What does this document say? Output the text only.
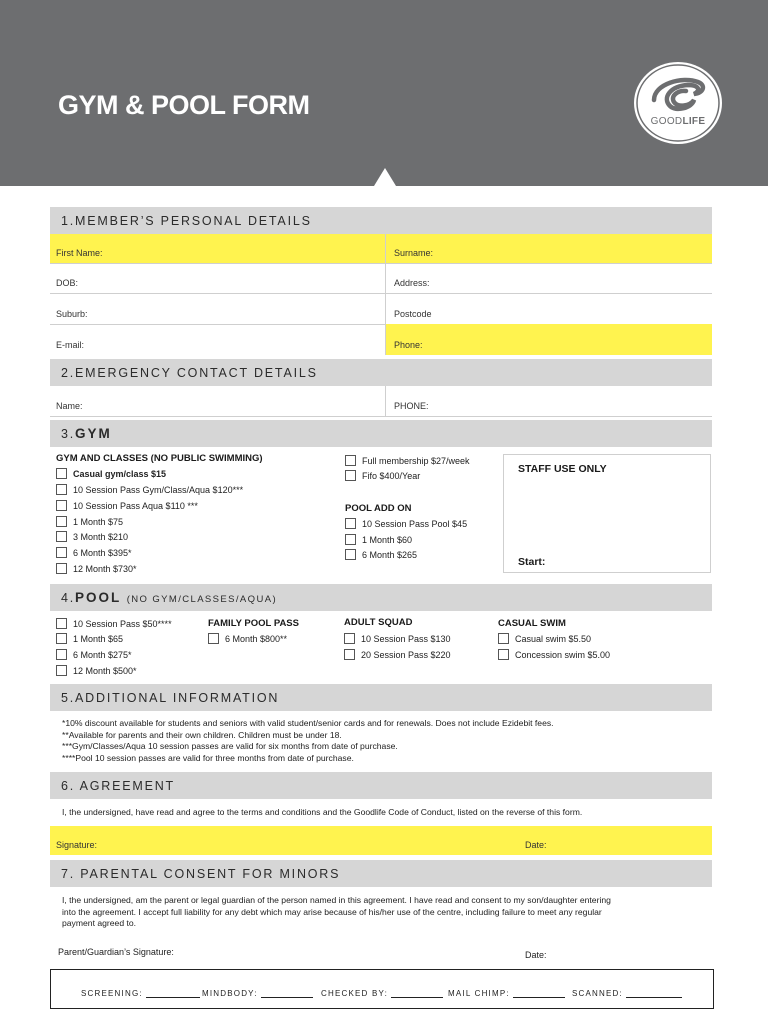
GYM & POOL FORM
GOODLIFE
1.MEMBER’S PERSONAL DETAILS
First Name:	Surname:
DOB:	Address:
Suburb:	Postcode
E-mail:	Phone:
2.EMERGENCY CONTACT DETAILS
Name:	PHONE:
3.GYM
GYM AND CLASSES (NO PUBLIC SWIMMING)
Casual gym/class $15
10 Session Pass Gym/Class/Aqua $120***
10 Session Pass Aqua $110 ***
1 Month $75
3 Month $210
6 Month $395*
12 Month $730*
Full membership $27/week
Fifo $400/Year
POOL ADD ON
10 Session Pass Pool $45
1 Month $60
6 Month $265
STAFF USE ONLY
Start:
4.POOL (NO GYM/CLASSES/AQUA)
10 Session Pass $50****
1 Month $65
6 Month $275*
12 Month $500*
FAMILY POOL PASS
6 Month $800**
ADULT SQUAD
10 Session Pass $130
20 Session Pass $220
CASUAL SWIM
Casual swim $5.50
Concession swim $5.00
5.ADDITIONAL INFORMATION
*10% discount available for students and seniors with valid student/senior cards and for renewals. Does not include Ezidebit fees.
**Available for parents and their own children. Children must be under 18.
***Gym/Classes/Aqua 10 session passes are valid for six months from date of purchase.
****Pool 10 session passes are valid for three months from date of purchase.
6. AGREEMENT
I, the undersigned, have read and agree to the terms and conditions and the Goodlife Code of Conduct, listed on the reverse of this form.
Signature:	Date:
7. PARENTAL CONSENT FOR MINORS
I, the undersigned, am the parent or legal guardian of the person named in this agreement. I have read and consent to my son/daughter entering
into the agreement. I accept full liability for any debt which may arise because of his/her use of the centre, including failure to meet any regular
payment agreed to.
Parent/Guardian’s Signature:	Date:
SCREENING:	MINDBODY:	CHECKED BY:	MAIL CHIMP:	SCANNED:
